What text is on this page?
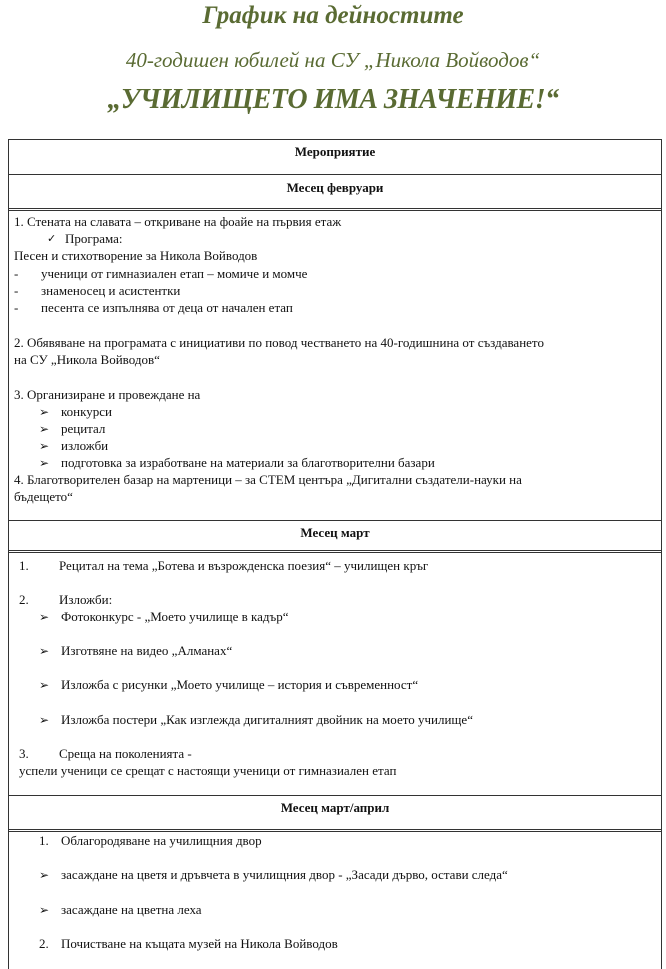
График на дейностите
40-годишен юбилей на СУ „Никола Войводов“
„УЧИЛИЩЕТО ИМА ЗНАЧЕНИЕ!“
Мероприятие
Месец февруари
1. Стената на славата – откриване на фоайе на първия етаж
✓ Програма:
Песен и стихотворение за Никола Войводов
- ученици от гимназиален етап – момиче и момче
- знаменосец и асистентки
- песента се изпълнява от деца от начален етап
2. Обявяване на програмата с инициативи по повод честването на 40-годишнина от създаването
на СУ „Никола Войводов“
3. Организиране и провеждане на
➢ конкурси
➢ рецитал
➢ изложби
➢ подготовка за изработване на материали за благотворителни базари
4. Благотворителен базар на мартеници – за СТЕМ центъра „Дигитални създатели-науки на
бъдещето“
Месец март
1. Рецитал на тема „Ботева и възрожденска поезия“ – училищен кръг
2. Изложби:
➢ Фотоконкурс - „Моето училище в кадър“
➢ Изготвяне на видео „Алманах“
➢ Изложба с рисунки „Моето училище – история и съвременност“
➢ Изложба постери „Как изглежда дигиталният двойник на моето училище“
3. Среща на поколенията -
успели ученици се срещат с настоящи ученици от гимназиален етап
Месец март/април
1. Облагородяване на училищния двор
➢ засаждане на цветя и дръвчета в училищния двор - „Засади дърво, остави следа“
➢ засаждане на цветна леха
2. Почистване на къщата музей на Никола Войводов
